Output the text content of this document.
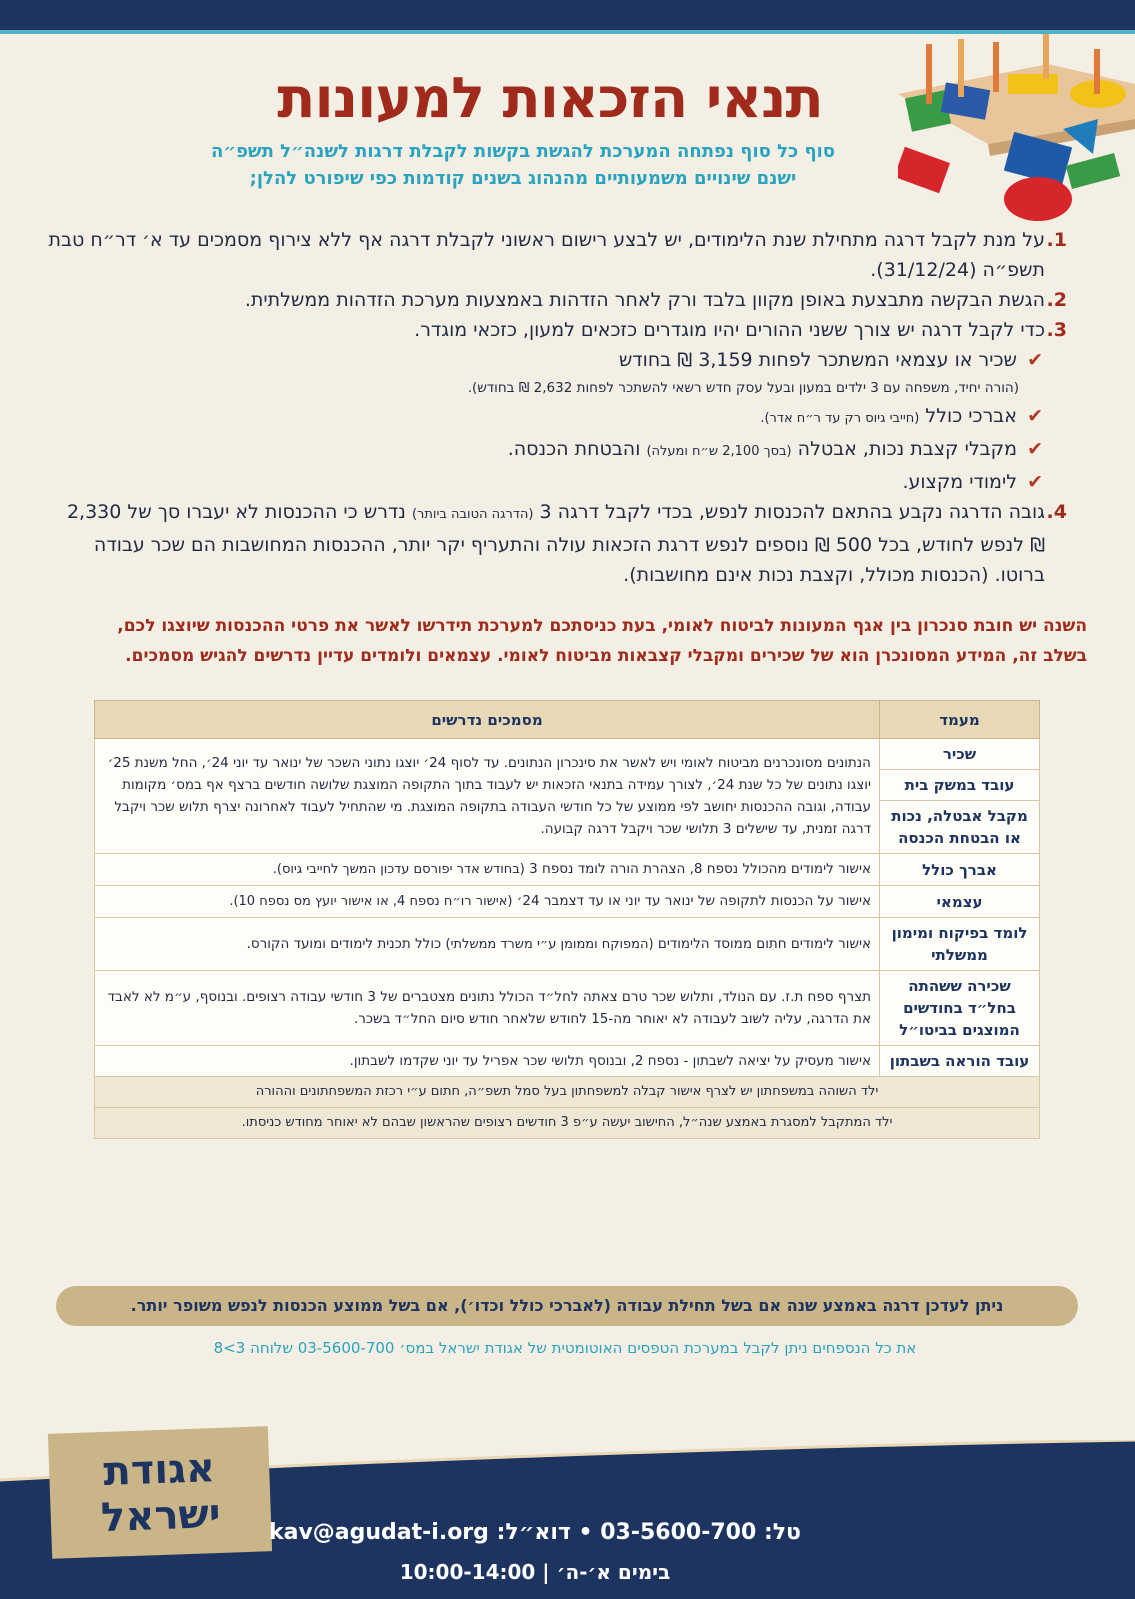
תנאי הזכאות למעונות
סוף כל סוף נפתחה המערכת להגשת בקשות לקבלת דרגות לשנה״ל תשפ״ה
ישנם שינויים משמעותיים מהנהוג בשנים קודמות כפי שיפורט להלן;
1.
על מנת לקבל דרגה מתחילת שנת הלימודים, יש לבצע רישום ראשוני לקבלת דרגה אף ללא צירוף מסמכים עד א׳ דר״ח טבת תשפ״ה (31/12/24).
2.
הגשת הבקשה מתבצעת באופן מקוון בלבד ורק לאחר הזדהות באמצעות מערכת הזדהות ממשלתית.
3.
כדי לקבל דרגה יש צורך ששני ההורים יהיו מוגדרים כזכאים למעון, כזכאי מוגדר.
✔
שכיר או עצמאי המשתכר לפחות 3,159 ₪ בחודש
(הורה יחיד, משפחה עם 3 ילדים במעון ובעל עסק חדש רשאי להשתכר לפחות 2,632 ₪ בחודש).
✔
אברכי כולל

(חייבי גיוס רק עד ר״ח אדר).
✔
מקבלי קצבת נכות, אבטלה

(בסך 2,100 ש״ח ומעלה)

והבטחת הכנסה.
✔
לימודי מקצוע.
4.
גובה הדרגה נקבע בהתאם להכנסות לנפש, בכדי לקבל דרגה 3 (הדרגה הטובה ביותר) נדרש כי ההכנסות לא יעברו סך של 2,330 ₪ לנפש לחודש, בכל 500 ₪ נוספים לנפש דרגת הזכאות עולה והתעריף יקר יותר, ההכנסות המחושבות הם שכר עבודה ברוטו. (הכנסות מכולל, וקצבת נכות אינם מחושבות).
השנה יש חובת סנכרון בין אגף המעונות לביטוח לאומי, בעת כניסתכם למערכת תידרשו לאשר את פרטי ההכנסות שיוצגו לכם,
בשלב זה, המידע המסונכרן הוא של שכירים ומקבלי קצבאות מביטוח לאומי. עצמאים ולומדים עדיין נדרשים להגיש מסמכים.
מעמד	מסמכים נדרשים
שכיר	הנתונים מסונכרנים מביטוח לאומי ויש לאשר את סינכרון הנתונים. עד לסוף 24׳ יוצגו נתוני השכר של ינואר עד יוני 24׳, החל משנת 25׳ יוצגו נתונים של כל שנת 24׳, לצורך עמידה בתנאי הזכאות יש לעבוד בתוך התקופה המוצגת שלושה חודשים ברצף אף במס׳ מקומות עבודה, וגובה ההכנסות יחושב לפי ממוצע של כל חודשי העבודה בתקופה המוצגת. מי שהתחיל לעבוד לאחרונה יצרף תלוש שכר ויקבל דרגה זמנית, עד שישלים 3 תלושי שכר ויקבל דרגה קבועה.
עובד במשק בית	
מקבל אבטלה, נכות או הבטחת הכנסה	
אברך כולל	אישור לימודים מהכולל נספח 8, הצהרת הורה לומד נספח 3 (בחודש אדר יפורסם עדכון המשך לחייבי גיוס).
עצמאי	אישור על הכנסות לתקופה של ינואר עד יוני או עד דצמבר 24׳ (אישור רו״ח נספח 4, או אישור יועץ מס נספח 10).
לומד בפיקוח ומימון ממשלתי	אישור לימודים חתום ממוסד הלימודים (המפוקח וממומן ע״י משרד ממשלתי) כולל תכנית לימודים ומועד הקורס.
שכירה ששהתה בחל״ד בחודשים המוצגים בביטו״ל	תצרף ספח ת.ז. עם הנולד, ותלוש שכר טרם צאתה לחל״ד הכולל נתונים מצטברים של 3 חודשי עבודה רצופים. ובנוסף, ע״מ לא לאבד את הדרגה, עליה לשוב לעבודה לא יאוחר מה-15 לחודש שלאחר חודש סיום החל״ד בשכר.
עובד הוראה בשבתון	אישור מעסיק על יציאה לשבתון - נספח 2, ובנוסף תלושי שכר אפריל עד יוני שקדמו לשבתון.
ילד השוהה במשפחתון יש לצרף אישור קבלה למשפחתון בעל סמל תשפ״ה, חתום ע״י רכזת המשפחתונים וההורה	
ילד המתקבל למסגרת באמצע שנה״ל, החישוב יעשה ע״פ 3 חודשים רצופים שהראשון שבהם לא יאוחר מחודש כניסתו.	
ניתן לעדכן דרגה באמצע שנה אם בשל תחילת עבודה (לאברכי כולל וכדו׳), אם בשל ממוצע הכנסות לנפש משופר יותר.
את כל הנספחים ניתן לקבל במערכת הטפסים האוטומטית של אגודת ישראל במס׳ 03-5600-700 שלוחה 3>8
אגודת
ישראל	טל: 03-5600-700 • דוא״ל: kav@agudat-i.org
בימים א׳-ה׳ | 10:00-14:00
